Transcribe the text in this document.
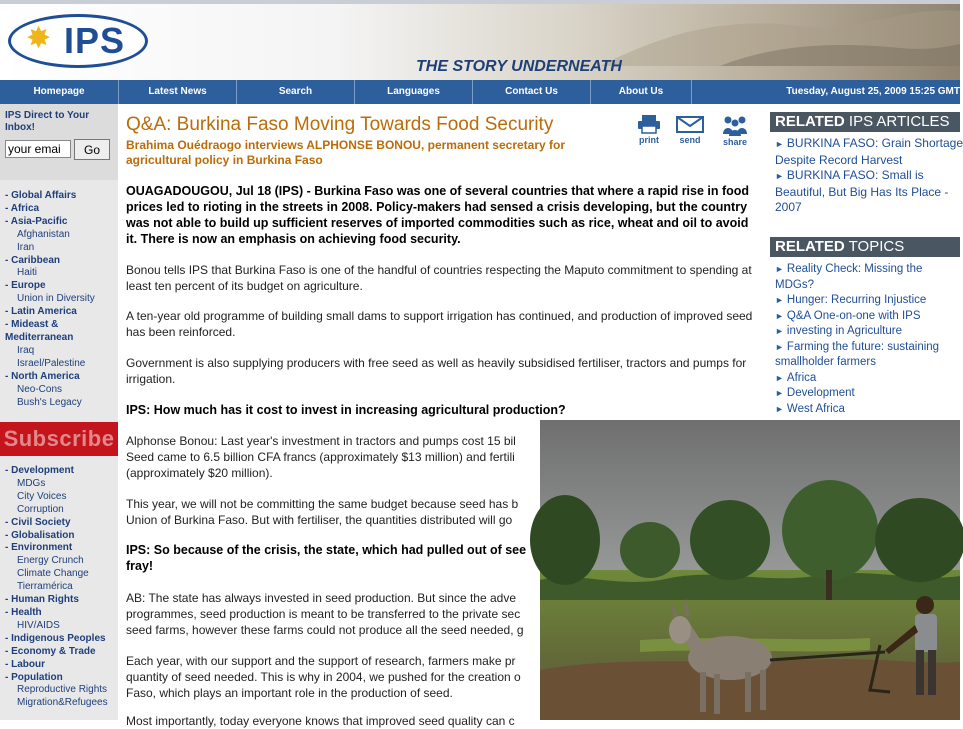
✸ IPS
THE STORY UNDERNEATH
Homepage	Latest News	Search	Languages	Contact Us	About Us	Tuesday, August 25, 2009 15:25 GMT
IPS Direct to Your Inbox!
your emai
Go
- Global Affairs
- Africa
- Asia-Pacific
Afghanistan
Iran
- Caribbean
Haiti
- Europe
Union in Diversity
- Latin America
- Mideast &
Mediterranean
Iraq
Israel/Palestine
- North America
Neo-Cons
Bush's Legacy
Subscribe
- Development
MDGs
City Voices
Corruption
- Civil Society
- Globalisation
- Environment
Energy Crunch
Climate Change
Tierramérica
- Human Rights
- Health
HIV/AIDS
- Indigenous Peoples
- Economy & Trade
- Labour
- Population
Reproductive Rights
Migration&Refugees
Q&A: Burkina Faso Moving Towards Food Security
Brahima Ouédraogo interviews ALPHONSE BONOU, permanent secretary for agricultural policy in Burkina Faso
print	send	share
OUAGADOUGOU, Jul 18 (IPS) - Burkina Faso was one of several countries that where a rapid rise in food prices led to rioting in the streets in 2008. Policy-makers had sensed a crisis developing, but the country was not able to build up sufficient reserves of imported commodities such as rice, wheat and oil to avoid it. There is now an emphasis on achieving food security.
Bonou tells IPS that Burkina Faso is one of the handful of countries respecting the Maputo commitment to spending at least ten percent of its budget on agriculture.
A ten-year old programme of building small dams to support irrigation has continued, and production of improved seed has been reinforced.
Government is also supplying producers with free seed as well as heavily subsidised fertiliser, tractors and pumps for irrigation.
IPS: How much has it cost to invest in increasing agricultural production?
Alphonse Bonou: Last year's investment in tractors and pumps cost 15 bil
Seed came to 6.5 billion CFA francs (approximately $13 million) and fertili
(approximately $20 million).
This year, we will not be committing the same budget because seed has b
Union of Burkina Faso. But with fertiliser, the quantities distributed will go
IPS: So because of the crisis, the state, which had pulled out of see
fray!
AB: The state has always invested in seed production. But since the adve
programmes, seed production is meant to be transferred to the private sec
seed farms, however these farms could not produce all the seed needed, g
Each year, with our support and the support of research, farmers make pr
quantity of seed needed. This is why in 2004, we pushed for the creation o
Faso, which plays an important role in the production of seed.
Most importantly, today everyone knows that improved seed quality can c
RELATED IPS ARTICLES
► BURKINA FASO: Grain Shortage Despite Record Harvest
► BURKINA FASO: Small is Beautiful, But Big Has Its Place - 2007
RELATED TOPICS
► Reality Check: Missing the MDGs?
► Hunger: Recurring Injustice
► Q&A One-on-one with IPS
► investing in Agriculture
► Farming the future: sustaining smallholder farmers
► Africa
► Development
► West Africa
